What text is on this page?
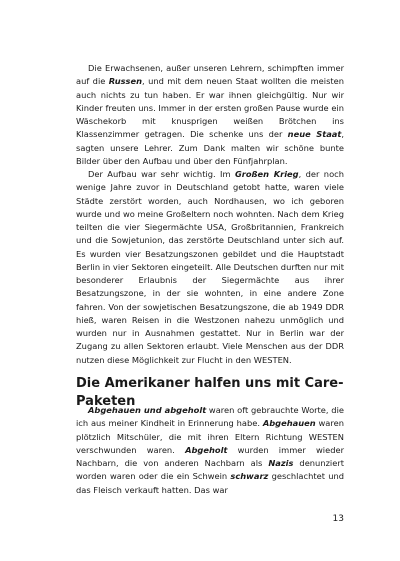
Die Erwachsenen, außer unseren Lehrern, schimpften immer auf die Russen, und mit dem neuen Staat wollten die meisten auch nichts zu tun haben. Er war ihnen gleichgültig. Nur wir Kinder freuten uns. Immer in der ersten großen Pause wurde ein Wäschekorb mit knusprigen weißen Brötchen ins Klassenzimmer getragen. Die schenke uns der neue Staat, sagten unsere Lehrer. Zum Dank malten wir schöne bunte Bilder über den Aufbau und über den Fünfjahrplan.

Der Aufbau war sehr wichtig. Im Großen Krieg, der noch wenige Jahre zuvor in Deutschland getobt hatte, waren viele Städte zerstört worden, auch Nordhausen, wo ich geboren wurde und wo meine Großeltern noch wohnten. Nach dem Krieg teilten die vier Siegermächte USA, Großbritannien, Frankreich und die Sowjetunion, das zerstörte Deutschland unter sich auf. Es wurden vier Besatzungszonen gebildet und die Hauptstadt Berlin in vier Sektoren eingeteilt. Alle Deutschen durften nur mit besonderer Erlaubnis der Siegermächte aus ihrer Besatzungszone, in der sie wohnten, in eine andere Zone fahren. Von der sowjetischen Besatzungszone, die ab 1949 DDR hieß, waren Reisen in die Westzonen nahezu unmöglich und wurden nur in Ausnahmen gestattet. Nur in Berlin war der Zugang zu allen Sektoren erlaubt. Viele Menschen aus der DDR nutzen diese Möglichkeit zur Flucht in den WESTEN.

Die Amerikaner halfen uns mit Care-Paketen

Abgehauen und abgeholt waren oft gebrauchte Worte, die ich aus meiner Kindheit in Erinnerung habe. Abgehauen waren plötzlich Mitschüler, die mit ihren Eltern Richtung WESTEN verschwunden waren. Abgeholt wurden immer wieder Nachbarn, die von anderen Nachbarn als Nazis denunziert worden waren oder die ein Schwein schwarz geschlachtet und das Fleisch verkauft hatten. Das war

13
